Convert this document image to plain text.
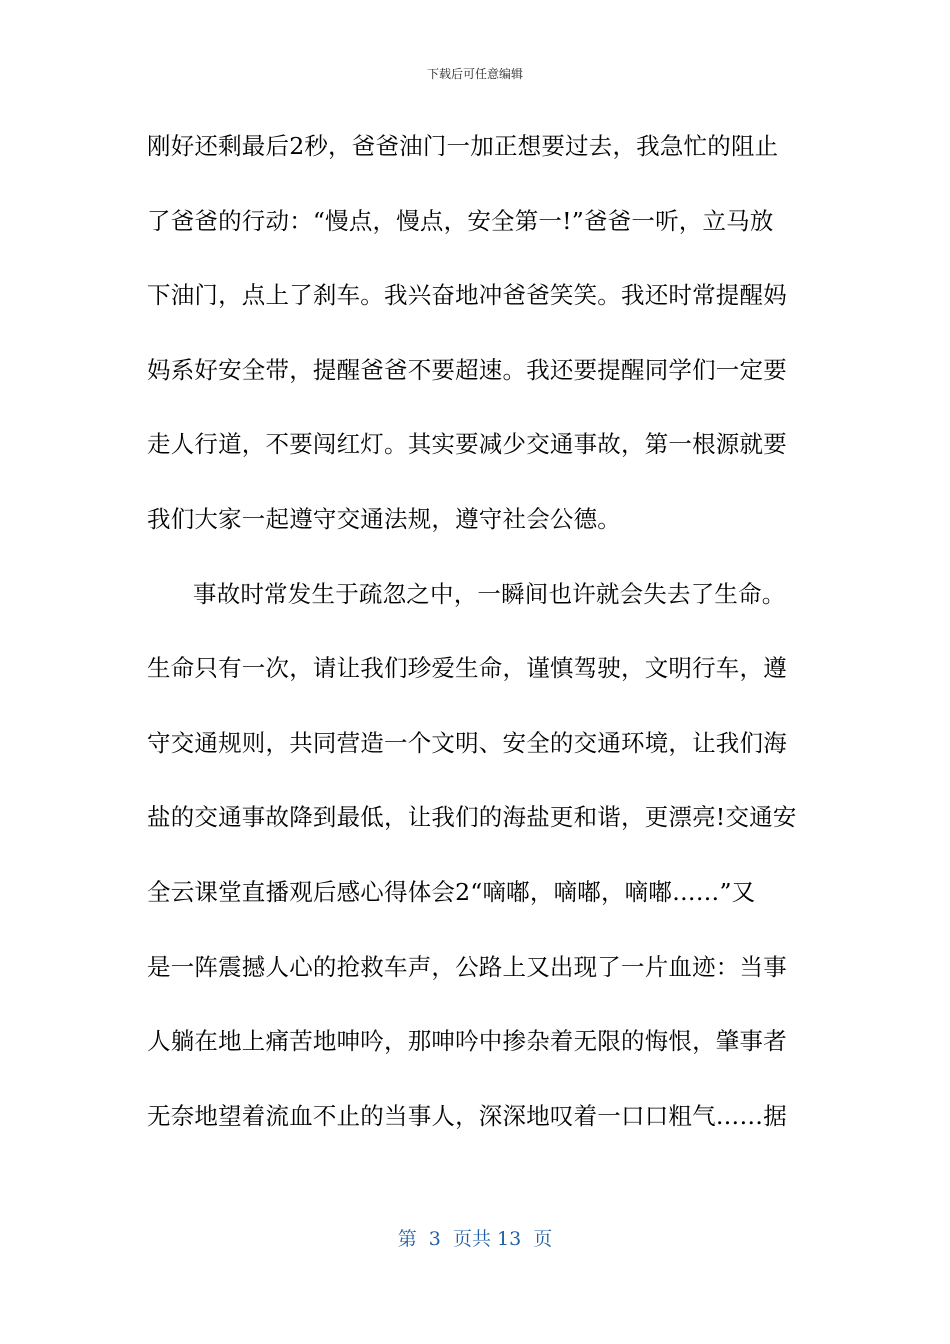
下载后可任意编辑
刚好还剩最后2秒，爸爸油门一加正想要过去，我急忙的阻止
了爸爸的行动：“慢点，慢点，安全第一!”爸爸一听，立马放
下油门，点上了刹车。我兴奋地冲爸爸笑笑。我还时常提醒妈
妈系好安全带，提醒爸爸不要超速。我还要提醒同学们一定要
走人行道，不要闯红灯。其实要减少交通事故，第一根源就要
我们大家一起遵守交通法规，遵守社会公德。
事故时常发生于疏忽之中，一瞬间也许就会失去了生命。
生命只有一次，请让我们珍爱生命，谨慎驾驶，文明行车，遵
守交通规则，共同营造一个文明、安全的交通环境，让我们海
盐的交通事故降到最低，让我们的海盐更和谐，更漂亮!交通安
全云课堂直播观后感心得体会2“嘀嘟，嘀嘟，嘀嘟……”又
是一阵震撼人心的抢救车声，公路上又出现了一片血迹：当事
人躺在地上痛苦地呻吟，那呻吟中掺杂着无限的悔恨，肇事者
无奈地望着流血不止的当事人，深深地叹着一口口粗气……据
第  3  页共 13  页
